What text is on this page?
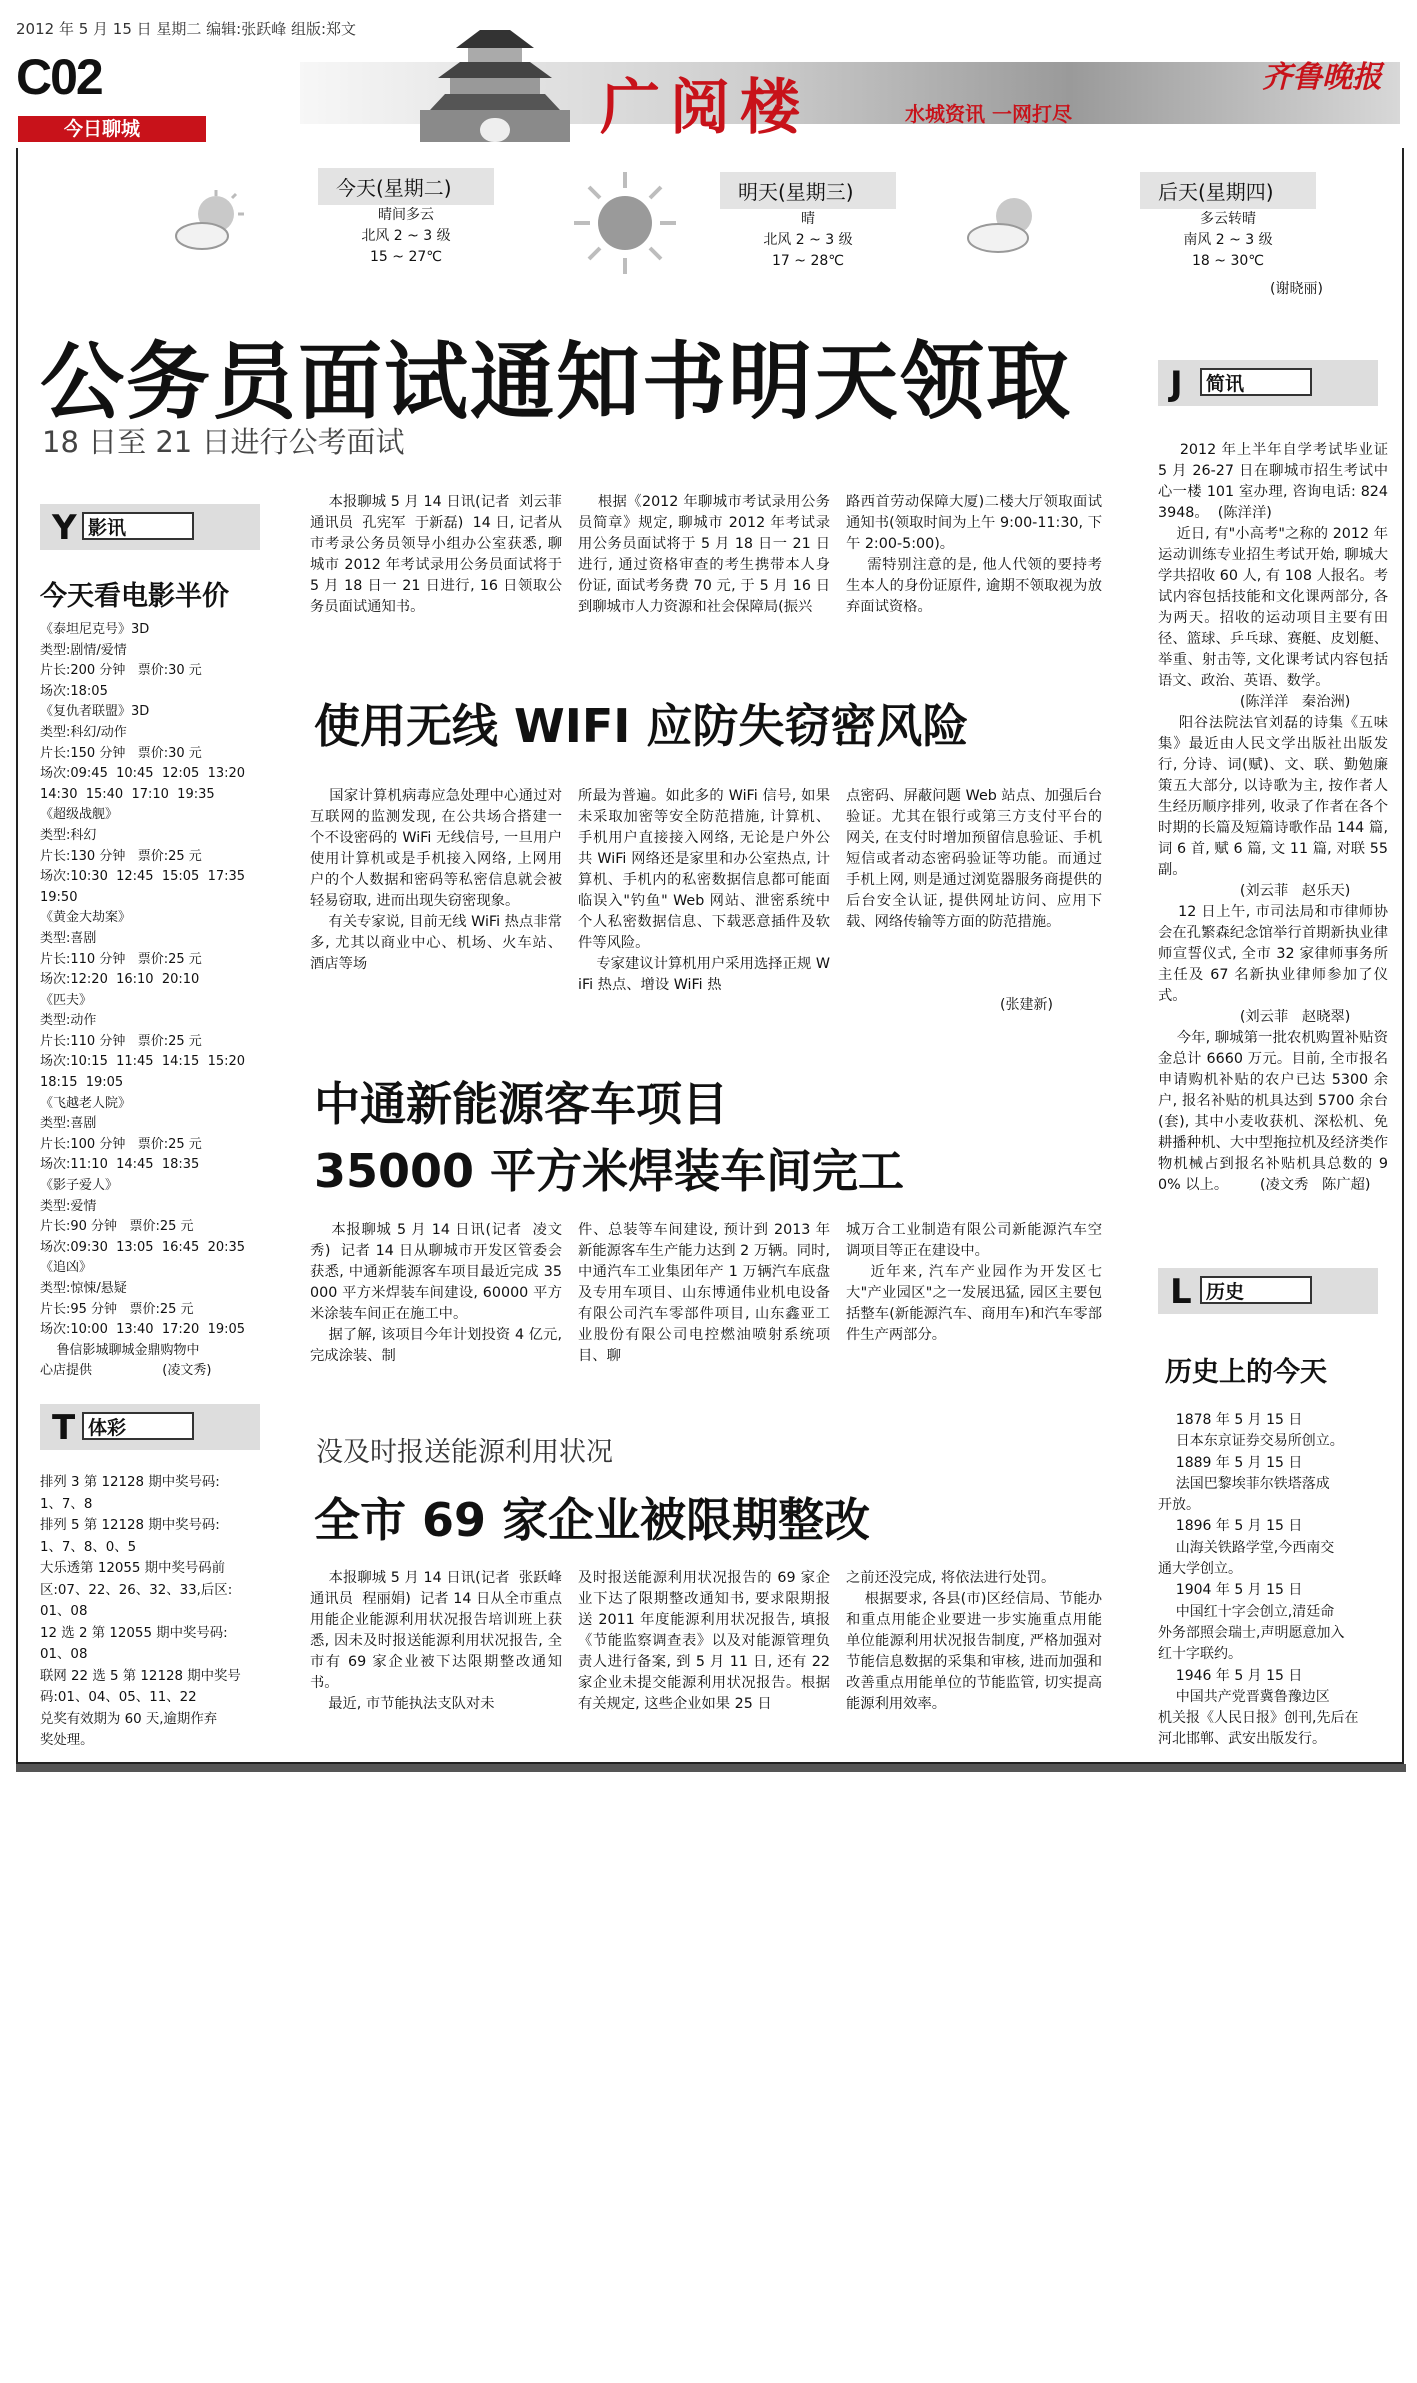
2012 年 5 月 15 日 星期二 编辑:张跃峰 组版:郑文
C02
今日聊城	广阅楼	水城资讯 一网打尽
齐鲁晚报
今天(星期二)
晴间多云
北风 2 ~ 3 级
15 ~ 27℃
明天(星期三)
晴
北风 2 ~ 3 级
17 ~ 28℃
后天(星期四)
多云转晴
南风 2 ~ 3 级
18 ~ 30℃
(谢晓丽)
公务员面试通知书明天领取
18 日至 21 日进行公考面试
本报聊城 5 月 14 日讯(记者  刘云菲  通讯员  孔宪军  于新磊)  14 日, 记者从市考录公务员领导小组办公室获悉, 聊城市 2012 年考试录用公务员面试将于 5 月 18 日一 21 日进行, 16 日领取公务员面试通知书。
根据《2012 年聊城市考试录用公务员简章》规定, 聊城市 2012 年考试录用公务员面试将于 5 月 18 日一 21 日进行, 通过资格审查的考生携带本人身份证, 面试考务费 70 元, 于 5 月 16 日到聊城市人力资源和社会保障局(振兴
路西首劳动保障大厦)二楼大厅领取面试通知书(领取时间为上午 9:00-11:30, 下午 2:00-5:00)。
需特别注意的是, 他人代领的要持考生本人的身份证原件, 逾期不领取视为放弃面试资格。
使用无线 WIFI 应防失窃密风险
国家计算机病毒应急处理中心通过对互联网的监测发现, 在公共场合搭建一个不设密码的 WiFi 无线信号, 一旦用户使用计算机或是手机接入网络, 上网用户的个人数据和密码等私密信息就会被轻易窃取, 进而出现失窃密现象。
有关专家说, 目前无线 WiFi 热点非常多, 尤其以商业中心、机场、火车站、酒店等场
所最为普遍。如此多的 WiFi 信号, 如果未采取加密等安全防范措施, 计算机、手机用户直接接入网络, 无论是户外公共 WiFi 网络还是家里和办公室热点, 计算机、手机内的私密数据信息都可能面临误入"钓鱼" Web 网站、泄密系统中个人私密数据信息、下载恶意插件及软件等风险。
专家建议计算机用户采用选择正规 WiFi 热点、增设 WiFi 热
点密码、屏蔽问题 Web 站点、加强后台验证。尤其在银行或第三方支付平台的网关, 在支付时增加预留信息验证、手机短信或者动态密码验证等功能。而通过手机上网, 则是通过浏览器服务商提供的后台安全认证, 提供网址访问、应用下载、网络传输等方面的防范措施。
(张建新)
中通新能源客车项目
35000 平方米焊装车间完工
本报聊城 5 月 14 日讯(记者  凌文秀)  记者 14 日从聊城市开发区管委会获悉, 中通新能源客车项目最近完成 35000 平方米焊装车间建设, 60000 平方米涂装车间正在施工中。
据了解, 该项目今年计划投资 4 亿元, 完成涂装、制
件、总装等车间建设, 预计到 2013 年新能源客车生产能力达到 2 万辆。同时, 中通汽车工业集团年产 1 万辆汽车底盘及专用车项目、山东博通伟业机电设备有限公司汽车零部件项目, 山东鑫亚工业股份有限公司电控燃油喷射系统项目、聊
城万合工业制造有限公司新能源汽车空调项目等正在建设中。
近年来, 汽车产业园作为开发区七大"产业园区"之一发展迅猛, 园区主要包括整车(新能源汽车、商用车)和汽车零部件生产两部分。
没及时报送能源利用状况
全市 69 家企业被限期整改
本报聊城 5 月 14 日讯(记者  张跃峰  通讯员  程丽娟)  记者 14 日从全市重点用能企业能源利用状况报告培训班上获悉, 因未及时报送能源利用状况报告, 全市有 69 家企业被下达限期整改通知书。
最近, 市节能执法支队对未
及时报送能源利用状况报告的 69 家企业下达了限期整改通知书, 要求限期报送 2011 年度能源利用状况报告, 填报《节能监察调查表》以及对能源管理负责人进行备案, 到 5 月 11 日, 还有 22 家企业未提交能源利用状况报告。根据有关规定, 这些企业如果 25 日
之前还没完成, 将依法进行处罚。
根据要求, 各县(市)区经信局、节能办和重点用能企业要进一步实施重点用能单位能源利用状况报告制度, 严格加强对节能信息数据的采集和审核, 进而加强和改善重点用能单位的节能监管, 切实提高能源利用效率。
Y 影讯
今天看电影半价
《泰坦尼克号》3D
类型:剧情/爱情
片长:200 分钟   票价:30 元
场次:18:05
《复仇者联盟》3D
类型:科幻/动作
片长:150 分钟   票价:30 元
场次:09:45  10:45  12:05  13:20
14:30  15:40  17:10  19:35
《超级战舰》
类型:科幻
片长:130 分钟   票价:25 元
场次:10:30  12:45  15:05  17:35
19:50
《黄金大劫案》
类型:喜剧
片长:110 分钟   票价:25 元
场次:12:20  16:10  20:10
《匹夫》
类型:动作
片长:110 分钟   票价:25 元
场次:10:15  11:45  14:15  15:20
18:15  19:05
《飞越老人院》
类型:喜剧
片长:100 分钟   票价:25 元
场次:11:10  14:45  18:35
《影子爱人》
类型:爱情
片长:90 分钟   票价:25 元
场次:09:30  13:05  16:45  20:35
《追凶》
类型:惊悚/悬疑
片长:95 分钟   票价:25 元
场次:10:00  13:40  17:20  19:05
鲁信影城聊城金鼎购物中
心店提供                 (凌文秀)
T 体彩
排列 3 第 12128 期中奖号码:
1、7、8
排列 5 第 12128 期中奖号码:
1、7、8、0、5
大乐透第 12055 期中奖号码前
区:07、22、26、32、33,后区:
01、08
12 选 2 第 12055 期中奖号码:
01、08
联网 22 选 5 第 12128 期中奖号
码:01、04、05、11、22
兑奖有效期为 60 天,逾期作弃
奖处理。
J	简讯
2012 年上半年自学考试毕业证 5 月 26-27 日在聊城市招生考试中心一楼 101 室办理, 咨询电话: 8243948。  (陈洋洋)
近日, 有"小高考"之称的 2012 年运动训练专业招生考试开始, 聊城大学共招收 60 人, 有 108 人报名。考试内容包括技能和文化课两部分, 各为两天。招收的运动项目主要有田径、篮球、乒乓球、赛艇、皮划艇、举重、射击等, 文化课考试内容包括语文、政治、英语、数学。
(陈洋洋   秦治洲)
阳谷法院法官刘磊的诗集《五味集》最近由人民文学出版社出版发行, 分诗、词(赋)、文、联、勤勉廉策五大部分, 以诗歌为主, 按作者人生经历顺序排列, 收录了作者在各个时期的长篇及短篇诗歌作品 144 篇, 词 6 首, 赋 6 篇, 文 11 篇, 对联 55 副。
(刘云菲   赵乐天)
12 日上午, 市司法局和市律师协会在孔繁森纪念馆举行首期新执业律师宣誓仪式, 全市 32 家律师事务所主任及 67 名新执业律师参加了仪式。
(刘云菲   赵晓翠)
今年, 聊城第一批农机购置补贴资金总计 6660 万元。目前, 全市报名申请购机补贴的农户已达 5300 余户, 报名补贴的机具达到 5700 余台(套), 其中小麦收获机、深松机、免耕播种机、大中型拖拉机及经济类作物机械占到报名补贴机具总数的 90% 以上。       (凌文秀   陈广超)
L 历史
历史上的今天
1878 年 5 月 15 日
日本东京证券交易所创立。
1889 年 5 月 15 日
法国巴黎埃菲尔铁塔落成
开放。
1896 年 5 月 15 日
山海关铁路学堂,今西南交
通大学创立。
1904 年 5 月 15 日
中国红十字会创立,清廷命
外务部照会瑞士,声明愿意加入
红十字联约。
1946 年 5 月 15 日
中国共产党晋冀鲁豫边区
机关报《人民日报》创刊,先后在
河北邯郸、武安出版发行。
